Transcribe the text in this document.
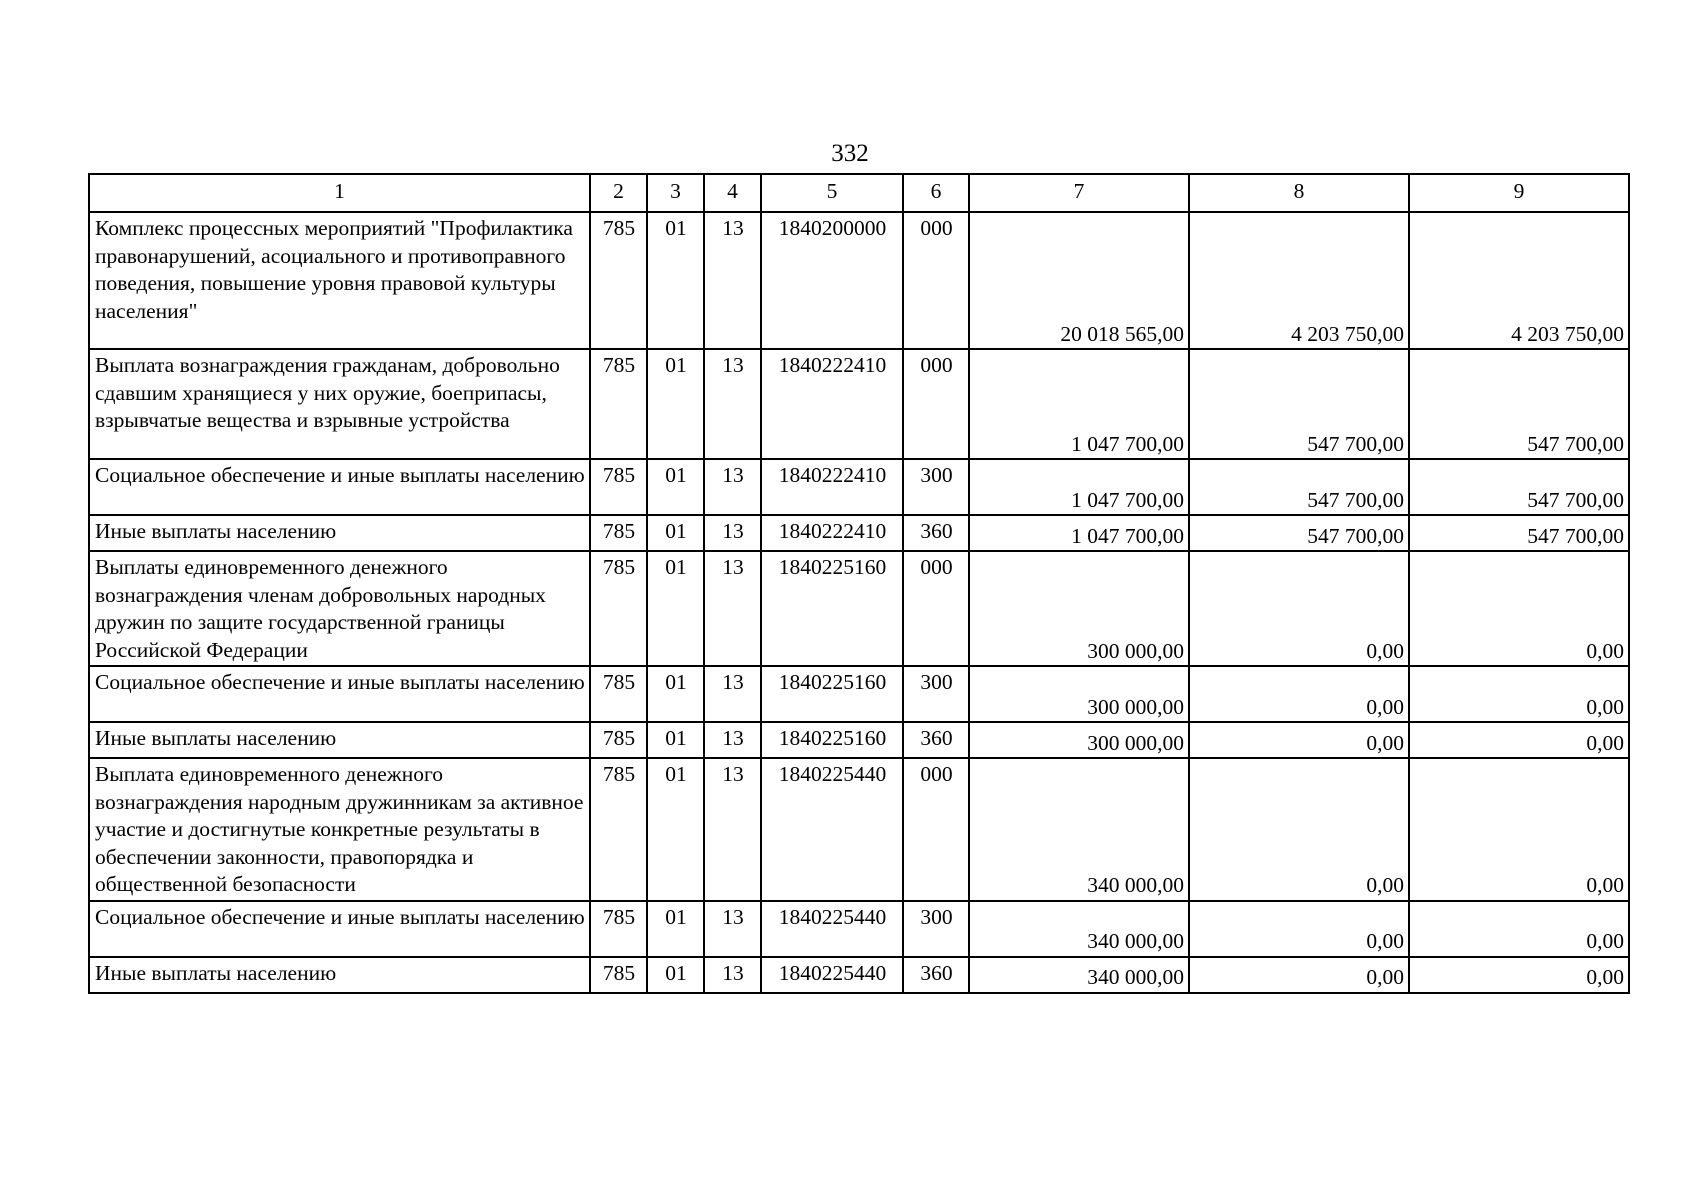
332
1	2	3	4	5	6	7	8	9
Комплекс процессных мероприятий "Профилактика правонарушений, асоциального и противоправного поведения, повышение уровня правовой культуры населения"	785	01	13	1840200000	000	20 018 565,00	4 203 750,00	4 203 750,00
Выплата вознаграждения гражданам, добровольно сдавшим хранящиеся у них оружие, боеприпасы, взрывчатые вещества и взрывные устройства	785	01	13	1840222410	000	1 047 700,00	547 700,00	547 700,00
Социальное обеспечение и иные выплаты населению	785	01	13	1840222410	300	1 047 700,00	547 700,00	547 700,00
Иные выплаты населению	785	01	13	1840222410	360	1 047 700,00	547 700,00	547 700,00
Выплаты единовременного денежного вознаграждения членам добровольных народных дружин по защите государственной границы Российской Федерации	785	01	13	1840225160	000	300 000,00	0,00	0,00
Социальное обеспечение и иные выплаты населению	785	01	13	1840225160	300	300 000,00	0,00	0,00
Иные выплаты населению	785	01	13	1840225160	360	300 000,00	0,00	0,00
Выплата единовременного денежного вознаграждения народным дружинникам за активное участие и достигнутые конкретные результаты в обеспечении законности, правопорядка и общественной безопасности	785	01	13	1840225440	000	340 000,00	0,00	0,00
Социальное обеспечение и иные выплаты населению	785	01	13	1840225440	300	340 000,00	0,00	0,00
Иные выплаты населению	785	01	13	1840225440	360	340 000,00	0,00	0,00
